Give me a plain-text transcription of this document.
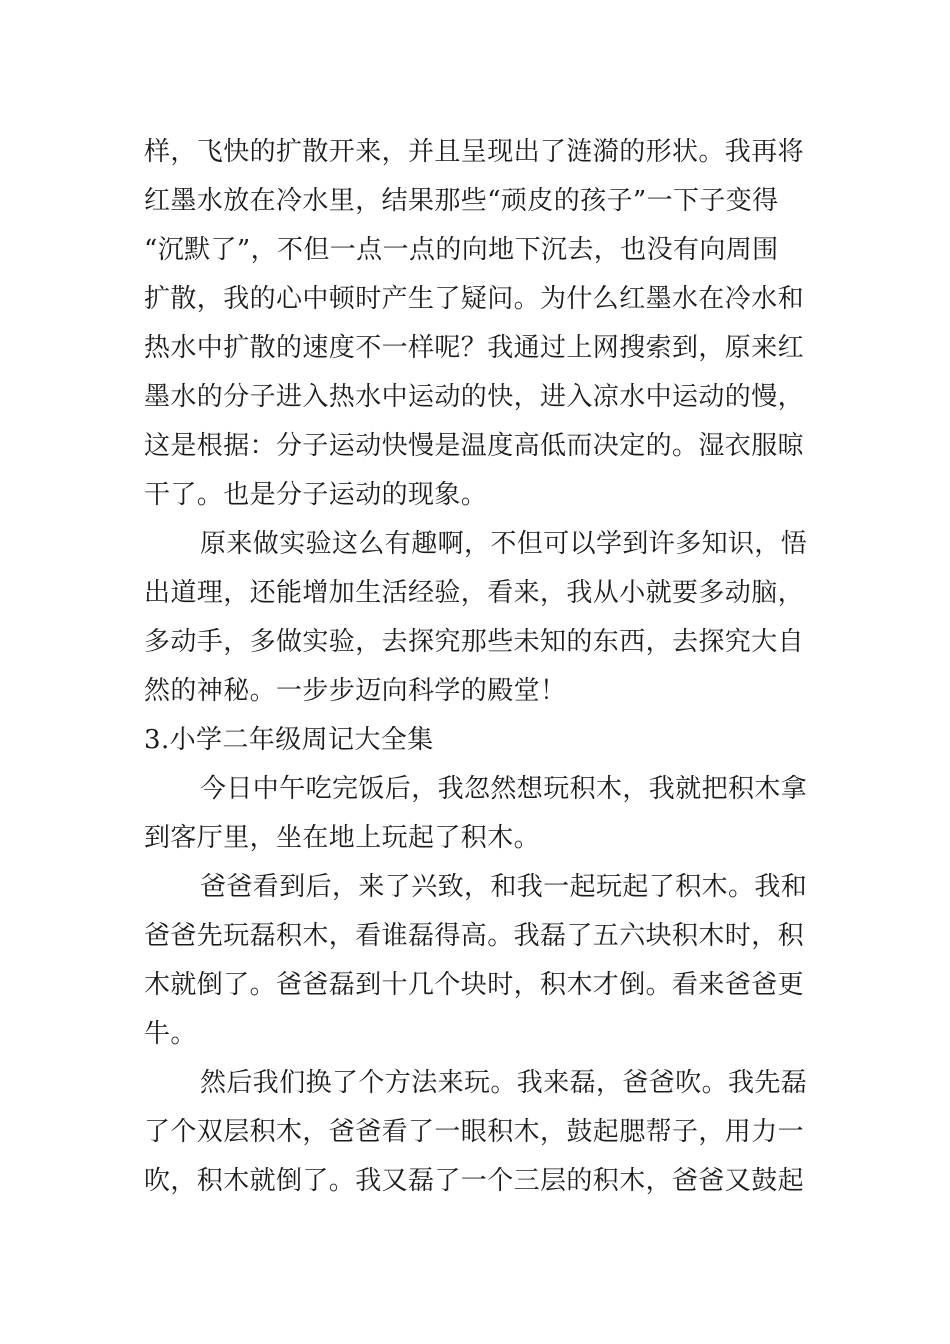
样，飞快的扩散开来，并且呈现出了涟漪的形状。我再将
红墨水放在冷水里，结果那些“顽皮的孩子”一下子变得
“沉默了”，不但一点一点的向地下沉去，也没有向周围
扩散，我的心中顿时产生了疑问。为什么红墨水在冷水和
热水中扩散的速度不一样呢？我通过上网搜索到，原来红
墨水的分子进入热水中运动的快，进入凉水中运动的慢，
这是根据：分子运动快慢是温度高低而决定的。湿衣服晾
干了。也是分子运动的现象。
原来做实验这么有趣啊，不但可以学到许多知识，悟
出道理，还能增加生活经验，看来，我从小就要多动脑，
多动手，多做实验，去探究那些未知的东西，去探究大自
然的神秘。一步步迈向科学的殿堂！
3.小学二年级周记大全集
今日中午吃完饭后，我忽然想玩积木，我就把积木拿
到客厅里，坐在地上玩起了积木。
爸爸看到后，来了兴致，和我一起玩起了积木。我和
爸爸先玩磊积木，看谁磊得高。我磊了五六块积木时，积
木就倒了。爸爸磊到十几个块时，积木才倒。看来爸爸更
牛。
然后我们换了个方法来玩。我来磊，爸爸吹。我先磊
了个双层积木，爸爸看了一眼积木，鼓起腮帮子，用力一
吹，积木就倒了。我又磊了一个三层的积木，爸爸又鼓起
